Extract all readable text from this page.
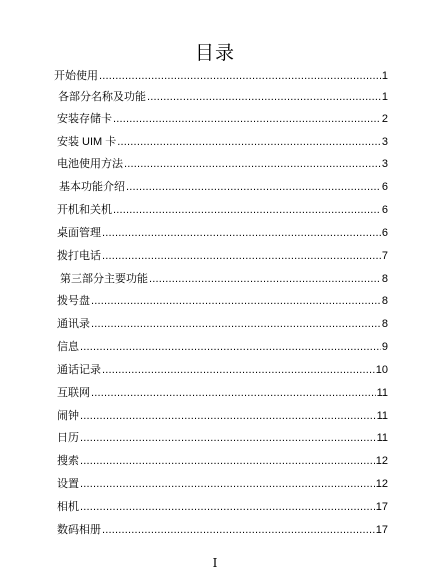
目录
开始使用 .....	1
各部分名称及功能 .....	1
安装存储卡 .....	2
安装 UIM 卡 .....	3
电池使用方法 .....	3
基本功能介绍 .....	6
开机和关机 .....	6
桌面管理 .....	6
拨打电话 .....	7
第三部分主要功能 .....	8
拨号盘 .....	8
通讯录 .....	8
信息 .....	9
通话记录 .....	10
互联网 .....	11
闹钟 .....	11
日历 .....	11
搜索 .....	12
设置 .....	12
相机 .....	17
数码相册 .....	17
I
